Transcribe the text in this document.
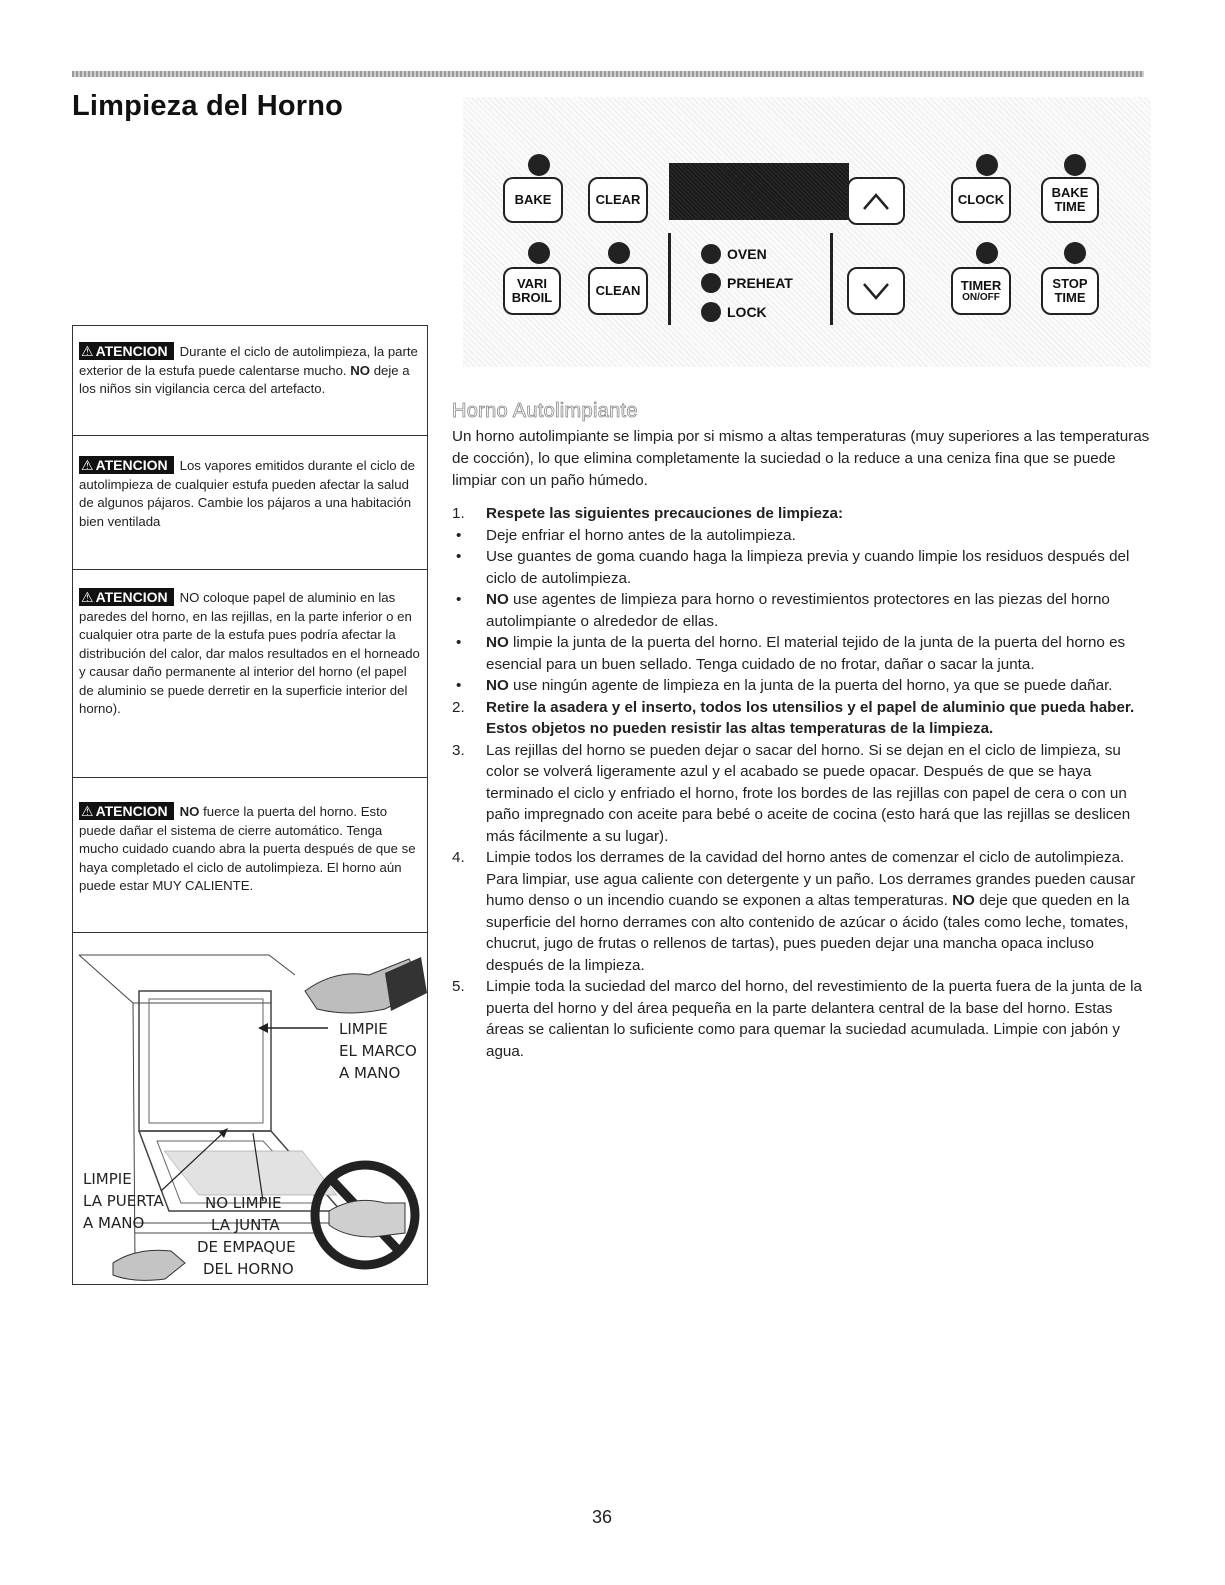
Limpieza del Horno
BAKE	CLEAR	CLOCK	BAKE
TIME
VARI
BROIL	CLEAN
OVEN
PREHEAT
LOCK
TIMER
ON/OFF
STOP
TIME
⚠ ATENCION Durante el ciclo de autolimpieza, la parte exterior de la estufa puede calentarse mucho. NO deje a los niños sin vigilancia cerca del artefacto.
⚠ ATENCION Los vapores emitidos durante el ciclo de autolimpieza de cualquier estufa pueden afectar la salud de algunos pájaros. Cambie los pájaros a una habitación bien ventilada
⚠ ATENCION NO coloque papel de aluminio en las paredes del horno, en las rejillas, en la parte inferior o en cualquier otra parte de la estufa pues podría afectar la distribución del calor, dar malos resultados en el horneado y causar daño permanente al interior del horno (el papel de aluminio se puede derretir en la superficie interior del horno).
⚠ ATENCION NO fuerce la puerta del horno. Esto puede dañar el sistema de cierre automático. Tenga mucho cuidado cuando abra la puerta después de que se haya completado el ciclo de autolimpieza. El horno aún puede estar MUY CALIENTE.
LIMPIE
EL MARCO
A MANO
LIMPIE
LA PUERTA
A MANO
NO LIMPIE
LA JUNTA
DE EMPAQUE
DEL HORNO
Horno Autolimpiante

Un horno autolimpiante se limpia por si mismo a altas temperaturas (muy superiores a las temperaturas de cocción), lo que elimina completamente la suciedad o la reduce a una ceniza fina que se puede limpiar con un paño húmedo.

1. Respete las siguientes precauciones de limpieza:
• Deje enfriar el horno antes de la autolimpieza.
• Use guantes de goma cuando haga la limpieza previa y cuando limpie los residuos después del ciclo de autolimpieza.
• NO use agentes de limpieza para horno o revestimientos protectores en las piezas del horno autolimpiante o alrededor de ellas.
• NO limpie la junta de la puerta del horno. El material tejido de la junta de la puerta del horno es esencial para un buen sellado. Tenga cuidado de no frotar, dañar o sacar la junta.
• NO use ningún agente de limpieza en la junta de la puerta del horno, ya que se puede dañar.
2. Retire la asadera y el inserto, todos los utensilios y el papel de aluminio que pueda haber. Estos objetos no pueden resistir las altas temperaturas de la limpieza.
3. Las rejillas del horno se pueden dejar o sacar del horno. Si se dejan en el ciclo de limpieza, su color se volverá ligeramente azul y el acabado se puede opacar. Después de que se haya terminado el ciclo y enfriado el horno, frote los bordes de las rejillas con papel de cera o con un paño impregnado con aceite para bebé o aceite de cocina (esto hará que las rejillas se deslicen más fácilmente a su lugar).
4. Limpie todos los derrames de la cavidad del horno antes de comenzar el ciclo de autolimpieza. Para limpiar, use agua caliente con detergente y un paño. Los derrames grandes pueden causar humo denso o un incendio cuando se exponen a altas temperaturas. NO deje que queden en la superficie del horno derrames con alto contenido de azúcar o ácido (tales como leche, tomates, chucrut, jugo de frutas o rellenos de tartas), pues pueden dejar una mancha opaca incluso después de la limpieza.
5. Limpie toda la suciedad del marco del horno, del revestimiento de la puerta fuera de la junta de la puerta del horno y del área pequeña en la parte delantera central de la base del horno. Estas áreas se calientan lo suficiente como para quemar la suciedad acumulada. Limpie con jabón y agua.
36
